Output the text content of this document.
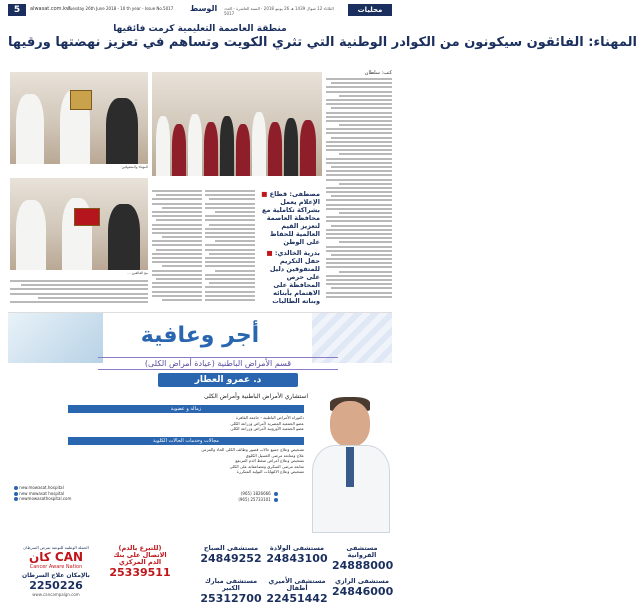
5	alwasat.com.kw
Tuesday 26th June 2018 - 10 th year - Issue No.5017	الوسط الثلاثاء 12 شوال 1439 هـ 26 يونيو 2018 - السنة العاشرة - العدد 5017	محليات
منطقة العاصمة التعليمية كرمت فائقيها
المهناء: الفائقون سيكونون من الكوادر الوطنية التي تثري الكويت وتساهم في تعزيز نهضتها ورقيها
كتب: سلطان
المهناء والمتفوقين
... مع الفائقين
■ مصطفى: قطاع الإعلام يعمل بشراكة تكاملية مع محافظة العاصمة لتعزيز القيم العالمية للحفاظ على الوطن
■ بدرية الخالدي: حفل التكريم للمتفوقين دليل على حرص المحافظة على الاهتمام بأبنائه وبناته الطالبات
أجر وعافية
قسم الأمراض الباطنية (عيادة أمراض الكلى)
د. عمرو العطار
استشاري الأمراض الباطنية وأمراض الكلى
زمالة و عضوية
دكتوراه الأمراض الباطنية - جامعة القاهرة
عضو الجمعية المصرية لأمراض وزراعة الكلى
عضو الجمعية الأوروبية لأمراض وزراعة الكلى
مجالات وخدمات الحالات الكلوية
تشخيص وعلاج جميع حالات قصور وظائف الكلى الحاد والمزمن
علاج ومتابعة مرضى الغسيل الكلوي
تشخيص وعلاج أمراض ضغط الدم المرتفع
متابعة مرضى السكري ومضاعفاته على الكلى
تشخيص وعلاج الالتهابات البولية المتكررة
new.mowasat.hospital
new mowasat hospital
newmowasathospital.com
(965) 1826666
(965) 25733101
الحملة الوطنية للتوعية بمرض السرطان
كان CAN
Cancer Aware Nation
بالإمكان علاج السرطان
2250226
www.cancampaign.com
(للتبرع بالدم) الاتصال على بنك الدم المركزي
25339511
مستشفى الفروانية
24888000
مستشفى الولادة
24843100
مستشفى الصباح
24849252
مستشفى الرازي
24846000
مستشفى الأميري أطفال
22451442
مستشفى مبارك الكبير
25312700
